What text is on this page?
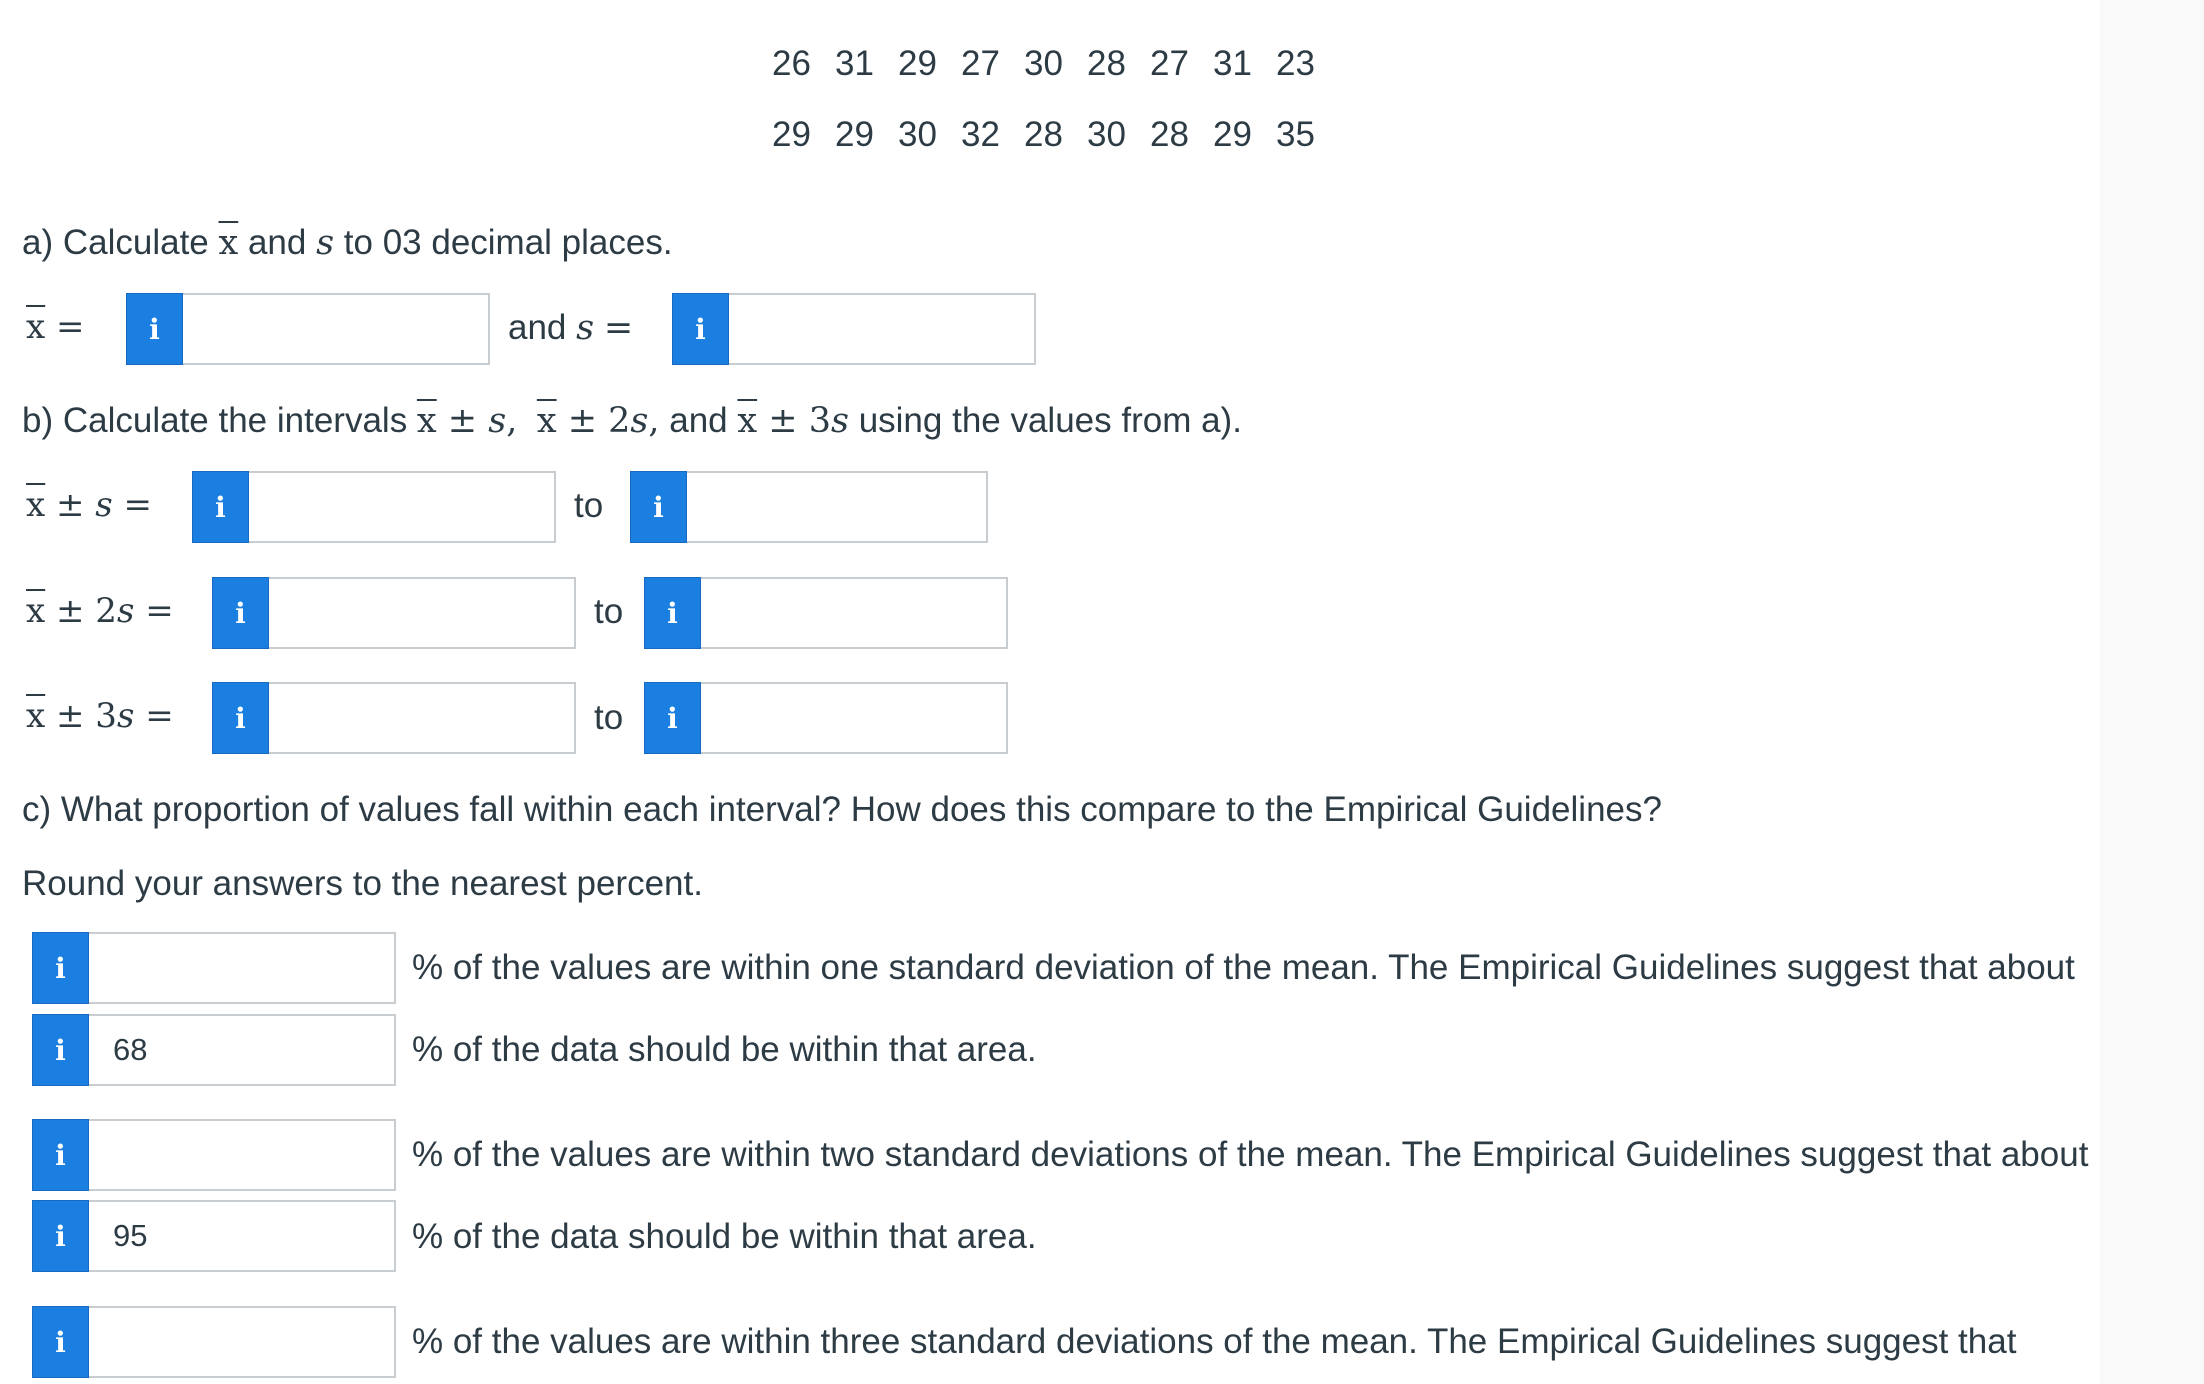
26 31 29 27 30 28 27 31 23
29 29 30 32 28 30 28 29 35
a) Calculate $\overline{x}$ and s to 03 decimal places.
$\overline{x}$ =	i	and s =	i
b) Calculate the intervals $\overline{x} \pm s$, $\overline{x} \pm 2s$, and $\overline{x} \pm 3s$ using the values from a).
$\overline{x} \pm s$ =	i	to	i
$\overline{x} \pm 2s$ =	i	to	i
$\overline{x} \pm 3s$ =	i	to	i
c) What proportion of values fall within each interval? How does this compare to the Empirical Guidelines?
Round your answers to the nearest percent.
i	% of the values are within one standard deviation of the mean. The Empirical Guidelines suggest that about
i	68	% of the data should be within that area.
i	% of the values are within two standard deviations of the mean. The Empirical Guidelines suggest that about
i	95	% of the data should be within that area.
i	% of the values are within three standard deviations of the mean. The Empirical Guidelines suggest that
